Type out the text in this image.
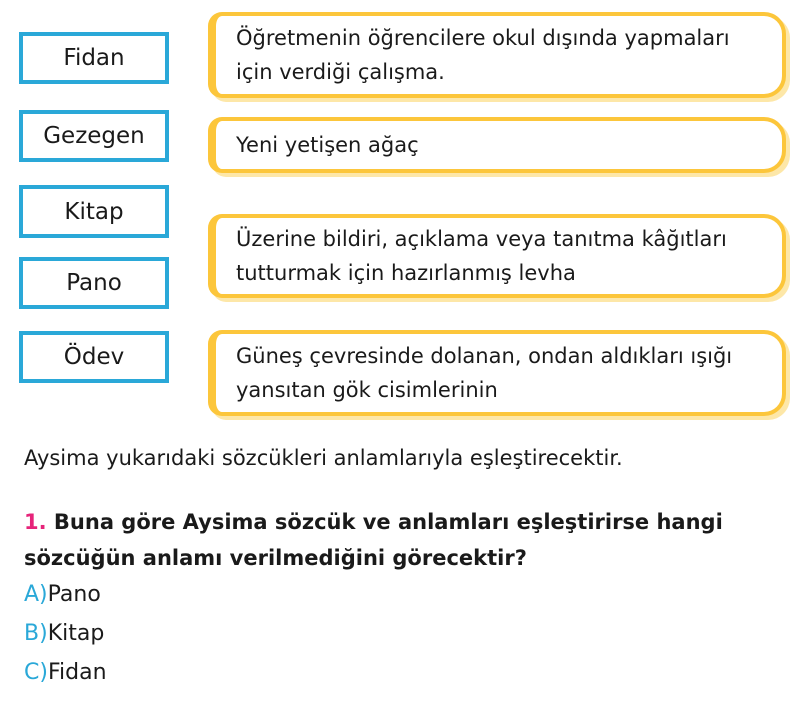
Fidan
Gezegen
Kitap
Pano
Ödev
Öğretmenin öğrencilere okul dışında yapmaları için verdiği çalışma.
Yeni yetişen ağaç
Üzerine bildiri, açıklama veya tanıtma kâğıtları tutturmak için hazırlanmış levha
Güneş çevresinde dolanan, ondan aldıkları ışığı yansıtan gök cisimlerinin
Aysima yukarıdaki sözcükleri anlamlarıyla eşleştirecektir.
1. Buna göre Aysima sözcük ve anlamları eşleştirirse hangi sözcüğün anlamı verilmediğini görecektir?
A)Pano
B)Kitap
C)Fidan
